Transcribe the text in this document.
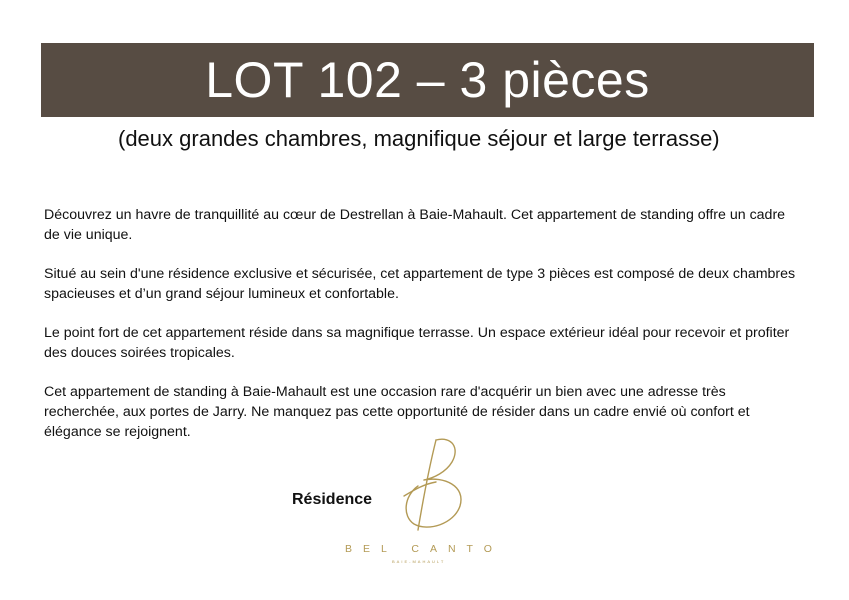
LOT 102 – 3 pièces
(deux grandes chambres, magnifique séjour et large terrasse)

Découvrez un havre de tranquillité au cœur de Destrellan à Baie-Mahault. Cet appartement de standing offre un cadre de vie unique.

Situé au sein d'une résidence exclusive et sécurisée, cet appartement de type 3 pièces est composé de deux chambres spacieuses et d’un grand séjour lumineux et confortable.

Le point fort de cet appartement réside dans sa magnifique terrasse. Un espace extérieur idéal pour recevoir et profiter des douces soirées tropicales.

Cet appartement de standing à Baie-Mahault est une occasion rare d'acquérir un bien avec une adresse très recherchée, aux portes de Jarry. Ne manquez pas cette opportunité de résider dans un cadre envié où confort et élégance se rejoignent.

Résidence
BEL CANTO
BAIE-MAHAULT
